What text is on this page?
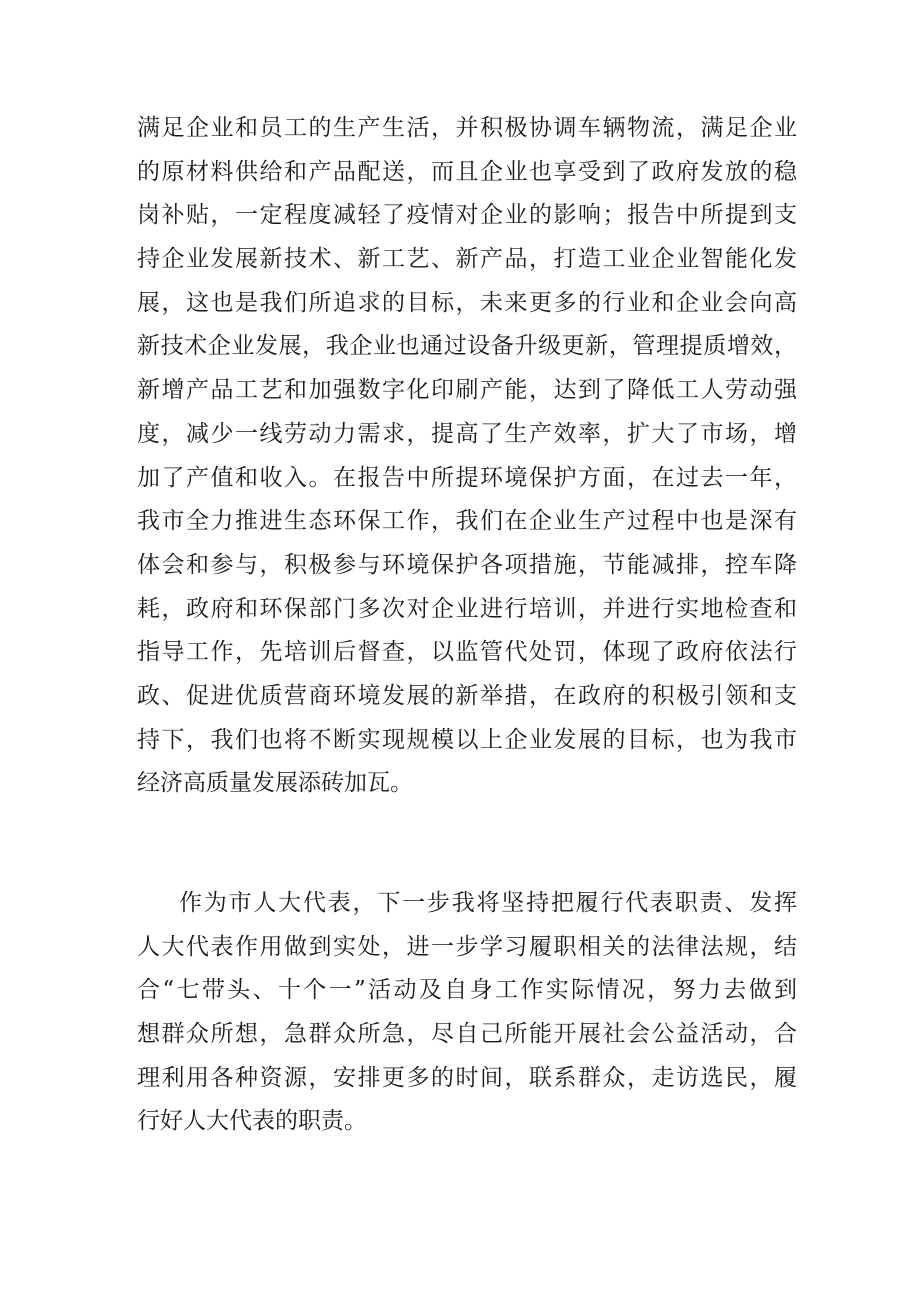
满足企业和员工的生产生活，并积极协调车辆物流，满足企业
的原材料供给和产品配送，而且企业也享受到了政府发放的稳
岗补贴，一定程度减轻了疫情对企业的影响；报告中所提到支
持企业发展新技术、新工艺、新产品，打造工业企业智能化发
展，这也是我们所追求的目标，未来更多的行业和企业会向高
新技术企业发展，我企业也通过设备升级更新，管理提质增效，
新增产品工艺和加强数字化印刷产能，达到了降低工人劳动强
度，减少一线劳动力需求，提高了生产效率，扩大了市场，增
加了产值和收入。在报告中所提环境保护方面，在过去一年，
我市全力推进生态环保工作，我们在企业生产过程中也是深有
体会和参与，积极参与环境保护各项措施，节能减排，控车降
耗，政府和环保部门多次对企业进行培训，并进行实地检查和
指导工作，先培训后督查，以监管代处罚，体现了政府依法行
政、促进优质营商环境发展的新举措，在政府的积极引领和支
持下，我们也将不断实现规模以上企业发展的目标，也为我市
经济高质量发展添砖加瓦。
作为市人大代表，下一步我将坚持把履行代表职责、发挥
人大代表作用做到实处，进一步学习履职相关的法律法规，结
合“七带头、十个一”活动及自身工作实际情况，努力去做到
想群众所想，急群众所急，尽自己所能开展社会公益活动，合
理利用各种资源，安排更多的时间，联系群众，走访选民，履
行好人大代表的职责。
